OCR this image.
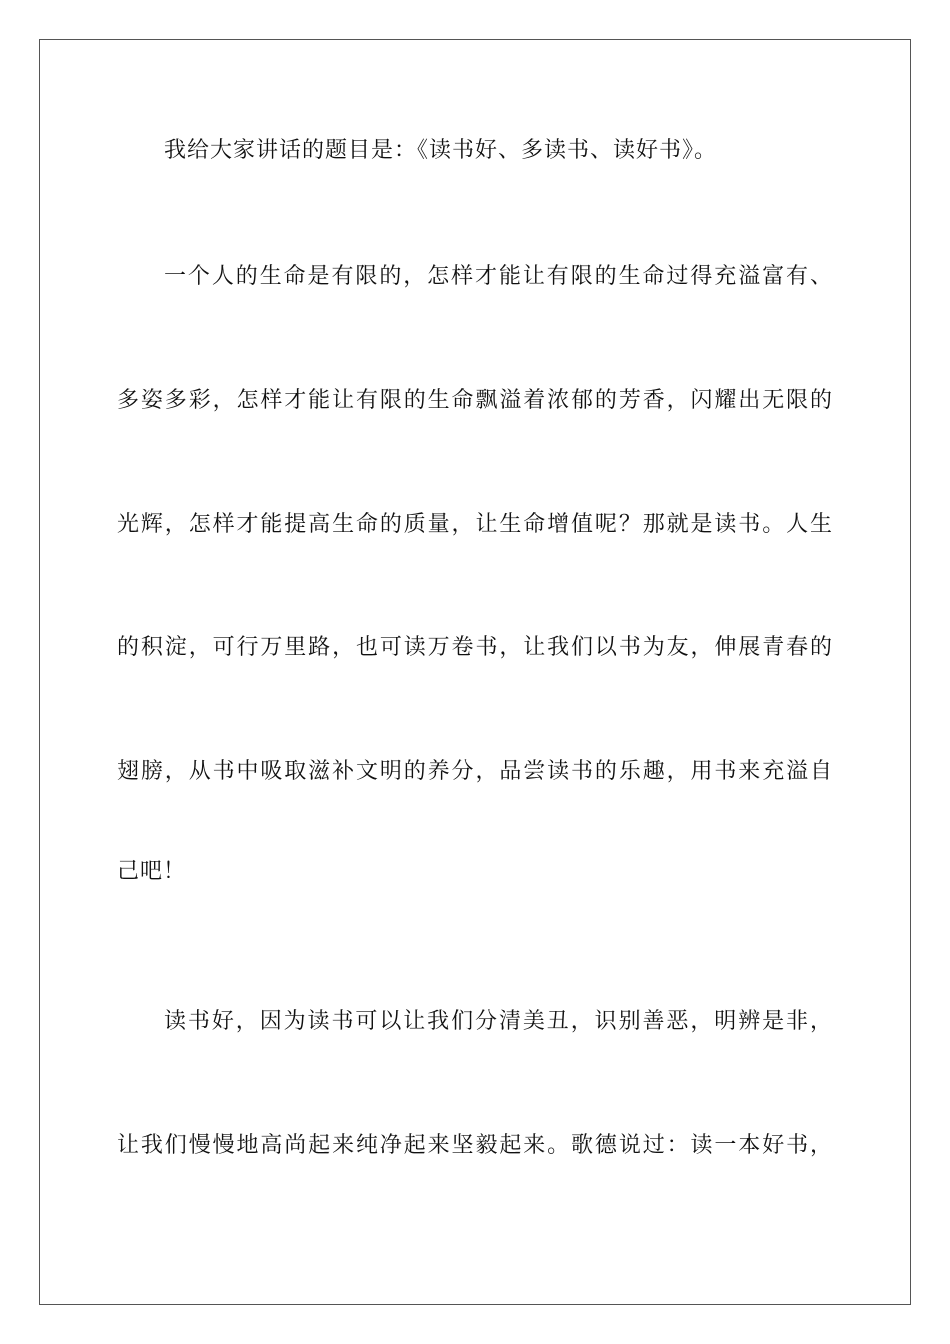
我给大家讲话的题目是：《读书好、多读书、读好书》。
一个人的生命是有限的，怎样才能让有限的生命过得充溢富有、
多姿多彩，怎样才能让有限的生命飘溢着浓郁的芳香，闪耀出无限的
光辉，怎样才能提高生命的质量，让生命增值呢？那就是读书。人生
的积淀，可行万里路，也可读万卷书，让我们以书为友，伸展青春的
翅膀，从书中吸取滋补文明的养分，品尝读书的乐趣，用书来充溢自
己吧！
读书好，因为读书可以让我们分清美丑，识别善恶，明辨是非，
让我们慢慢地高尚起来纯净起来坚毅起来。歌德说过：读一本好书，
